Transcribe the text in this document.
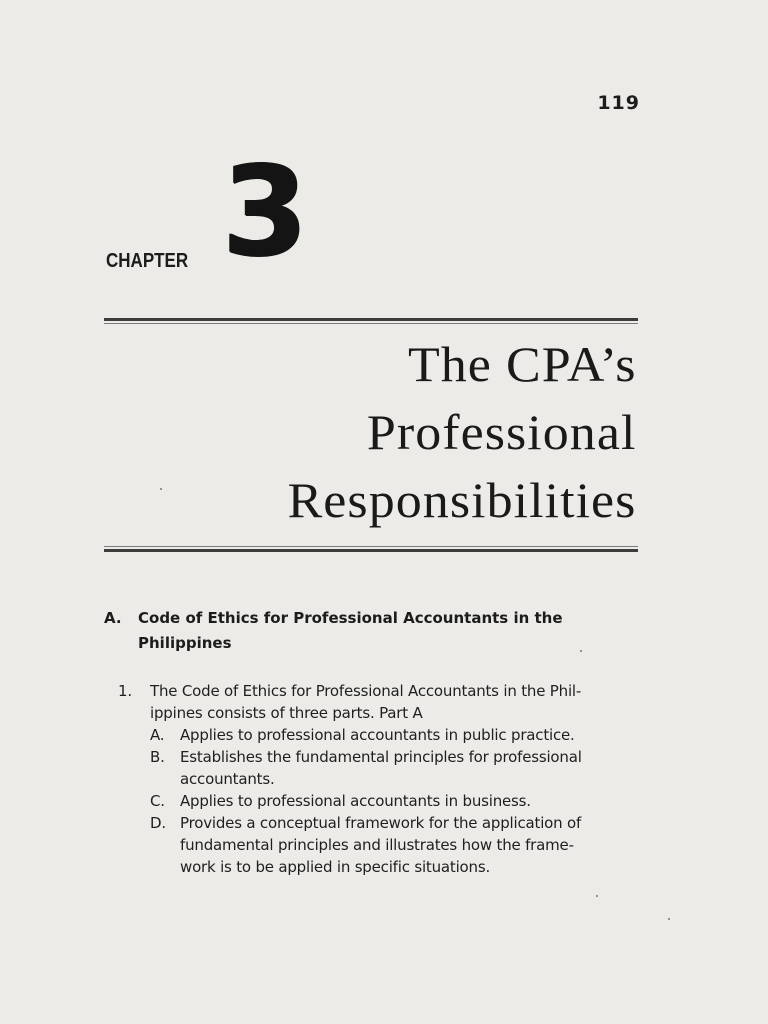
119
CHAPTER 3
The CPA’s
Professional
Responsibilities
A. Code of Ethics for Professional Accountants in the
Philippines
1.	The Code of Ethics for Professional Accountants in the Phil-
ippines consists of three parts. Part A
A.	Applies to professional accountants in public practice.
B.	Establishes the fundamental principles for professional
accountants.
C.	Applies to professional accountants in business.
D. Provides a conceptual framework for the application of
fundamental principles and illustrates how the frame-
work is to be applied in specific situations.
